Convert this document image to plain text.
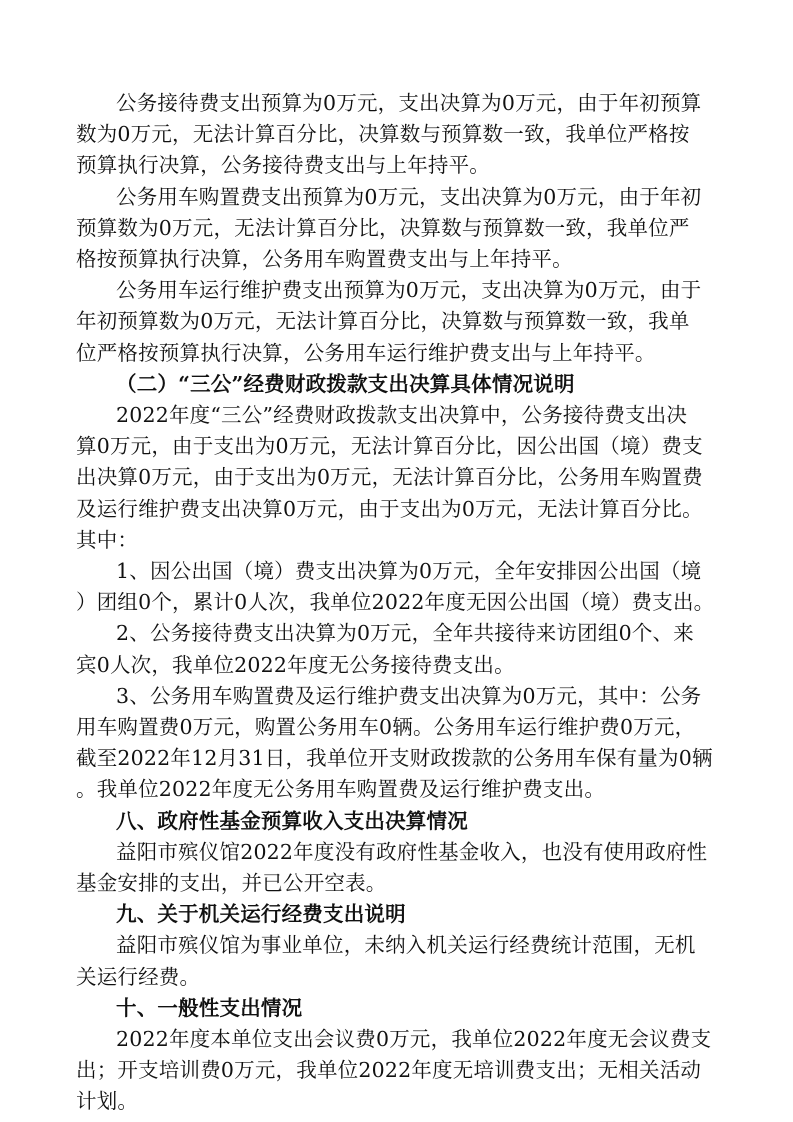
公务接待费支出预算为0万元，支出决算为0万元，由于年初预算
数为0万元，无法计算百分比，决算数与预算数一致，我单位严格按
预算执行决算，公务接待费支出与上年持平。
公务用车购置费支出预算为0万元，支出决算为0万元，由于年初
预算数为0万元，无法计算百分比，决算数与预算数一致，我单位严
格按预算执行决算，公务用车购置费支出与上年持平。
公务用车运行维护费支出预算为0万元，支出决算为0万元，由于
年初预算数为0万元，无法计算百分比，决算数与预算数一致，我单
位严格按预算执行决算，公务用车运行维护费支出与上年持平。
（二）“三公”经费财政拨款支出决算具体情况说明
2022年度“三公”经费财政拨款支出决算中，公务接待费支出决
算0万元，由于支出为0万元，无法计算百分比，因公出国（境）费支
出决算0万元，由于支出为0万元，无法计算百分比，公务用车购置费
及运行维护费支出决算0万元，由于支出为0万元，无法计算百分比。
其中：
1、因公出国（境）费支出决算为0万元，全年安排因公出国（境
）团组0个，累计0人次，我单位2022年度无因公出国（境）费支出。
2、公务接待费支出决算为0万元，全年共接待来访团组0个、来
宾0人次，我单位2022年度无公务接待费支出。
3、公务用车购置费及运行维护费支出决算为0万元，其中：公务
用车购置费0万元，购置公务用车0辆。公务用车运行维护费0万元，
截至2022年12月31日，我单位开支财政拨款的公务用车保有量为0辆
。我单位2022年度无公务用车购置费及运行维护费支出。
八、政府性基金预算收入支出决算情况
益阳市殡仪馆2022年度没有政府性基金收入，也没有使用政府性
基金安排的支出，并已公开空表。
九、关于机关运行经费支出说明
益阳市殡仪馆为事业单位，未纳入机关运行经费统计范围，无机
关运行经费。
十、一般性支出情况
2022年度本单位支出会议费0万元，我单位2022年度无会议费支
出；开支培训费0万元，我单位2022年度无培训费支出；无相关活动
计划。
